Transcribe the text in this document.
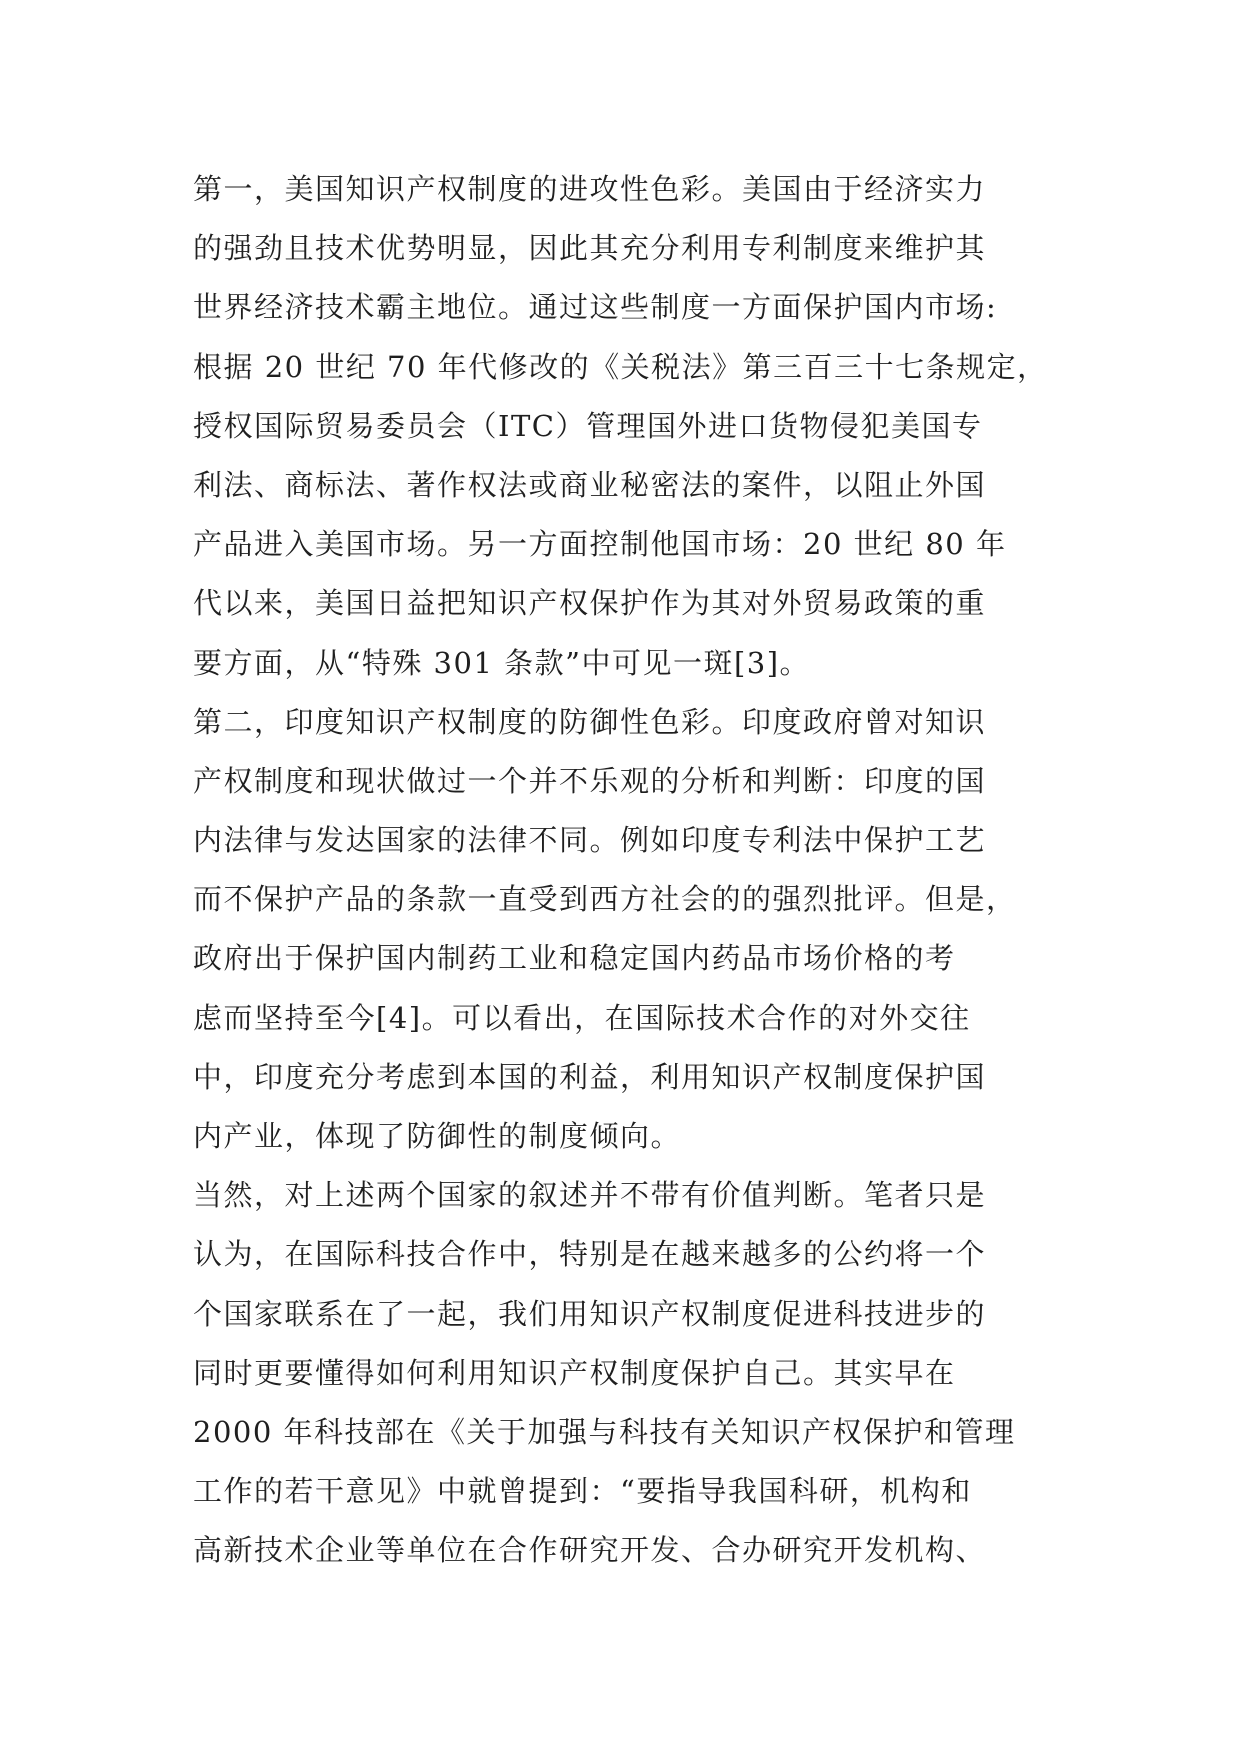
第一，美国知识产权制度的进攻性色彩。美国由于经济实力
的强劲且技术优势明显，因此其充分利用专利制度来维护其
世界经济技术霸主地位。通过这些制度一方面保护国内市场:
根据 20 世纪 70 年代修改的《关税法》第三百三十七条规定，
授权国际贸易委员会（ITC）管理国外进口货物侵犯美国专
利法、商标法、著作权法或商业秘密法的案件，以阻止外国
产品进入美国市场。另一方面控制他国市场：20 世纪 80 年
代以来，美国日益把知识产权保护作为其对外贸易政策的重
要方面，从“特殊 301 条款”中可见一斑[3]。
第二，印度知识产权制度的防御性色彩。印度政府曾对知识
产权制度和现状做过一个并不乐观的分析和判断：印度的国
内法律与发达国家的法律不同。例如印度专利法中保护工艺
而不保护产品的条款一直受到西方社会的的强烈批评。但是，
政府出于保护国内制药工业和稳定国内药品市场价格的考
虑而坚持至今[4]。可以看出，在国际技术合作的对外交往
中，印度充分考虑到本国的利益，利用知识产权制度保护国
内产业，体现了防御性的制度倾向。
当然，对上述两个国家的叙述并不带有价值判断。笔者只是
认为，在国际科技合作中，特别是在越来越多的公约将一个
个国家联系在了一起，我们用知识产权制度促进科技进步的
同时更要懂得如何利用知识产权制度保护自己。其实早在
2000 年科技部在《关于加强与科技有关知识产权保护和管理
工作的若干意见》中就曾提到：“要指导我国科研，机构和
高新技术企业等单位在合作研究开发、合办研究开发机构、
